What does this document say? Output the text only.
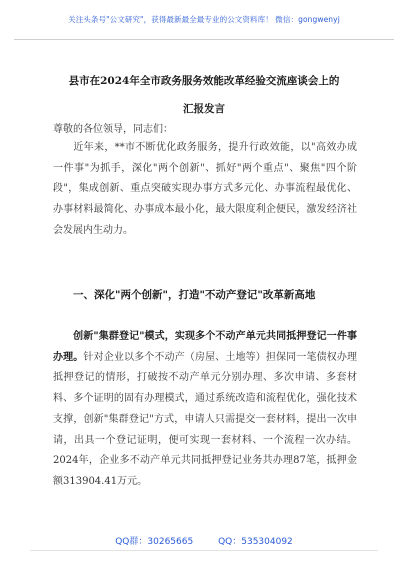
关注头条号"公文研究"，获得最新最全最专业的公文资料库！ 微信：gongwenyj
县市在2024年全市政务服务效能改革经验交流座谈会上的
汇报发言
尊敬的各位领导，同志们：
近年来，**市不断优化政务服务，提升行政效能，以"高效办成一件事"为抓手，深化"两个创新"、抓好"两个重点"、聚焦"四个阶段"，集成创新、重点突破实现办事方式多元化、办事流程最优化、办事材料最简化、办事成本最小化，最大限度利企便民，激发经济社会发展内生动力。
一、深化"两个创新"，打造"不动产登记"改革新高地
创新"集群登记"模式，实现多个不动产单元共同抵押登记一件事办理。针对企业以多个不动产（房屋、土地等）担保同一笔债权办理抵押登记的情形，打破按不动产单元分别办理、多次申请、多套材料、多个证明的固有办理模式，通过系统改造和流程优化，强化技术支撑，创新"集群登记"方式，申请人只需提交一套材料，提出一次申请，出具一个登记证明，便可实现一套材料、一个流程一次办结。2024年，企业多不动产单元共同抵押登记业务共办理87笔，抵押金额313904.41万元。
QQ群：30265665	QQ：535304092
